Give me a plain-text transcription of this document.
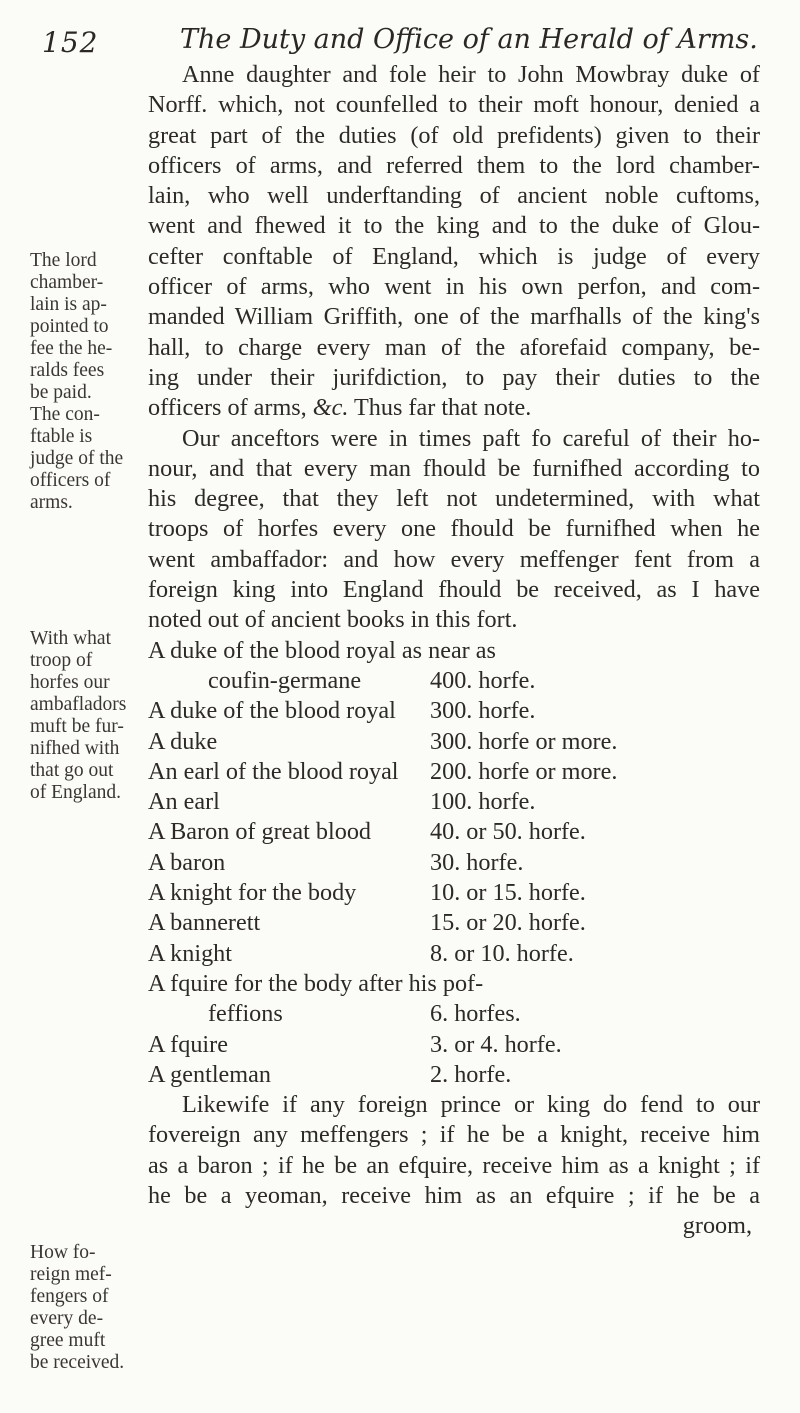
152	The Duty and Office of an Herald of Arms.
The lord
chamber-
lain is ap-
pointed to
fee the he-
ralds fees
be paid.
The con-
ftable is
judge of the
officers of
arms.
With what
troop of
horfes our
ambafladors
muft be fur-
nifhed with
that go out
of England.
How fo-
reign mef-
fengers of
every de-
gree muft
be received.
Anne daughter and fole heir to John Mowbray duke of
Norff. which, not counfelled to their moft honour, denied a
great part of the duties (of old prefidents) given to their
officers of arms, and referred them to the lord chamber-
lain, who well underftanding of ancient noble cuftoms,
went and fhewed it to the king and to the duke of Glou-
cefter conftable of England, which is judge of every
officer of arms, who went in his own perfon, and com-
manded William Griffith, one of the marfhalls of the king's
hall, to charge every man of the aforefaid company, be-
ing under their jurifdiction, to pay their duties to the
officers of arms, &c. Thus far that note.
Our anceftors were in times paft fo careful of their ho-
nour, and that every man fhould be furnifhed according to
his degree, that they left not undetermined, with what
troops of horfes every one fhould be furnifhed when he
went ambaffador: and how every meffenger fent from a
foreign king into England fhould be received, as I have
noted out of ancient books in this fort.
A duke of the blood royal as near as
coufin-germane	400. horfe.
A duke of the blood royal 300. horfe.
A duke	300. horfe or more.
An earl of the blood royal 200. horfe or more.
An earl	100. horfe.
A Baron of great blood	40. or 50. horfe.
A baron	30. horfe.
A knight for the body	10. or 15. horfe.
A bannerett	15. or 20. horfe.
A knight	8. or 10. horfe.
A fquire for the body after his pof-
feffions	6. horfes.
A fquire	3. or 4. horfe.
A gentleman	2. horfe.
Likewife if any foreign prince or king do fend to our
fovereign any meffengers ; if he be a knight, receive him
as a baron ; if he be an efquire, receive him as a knight ; if
he be a yeoman, receive him as an efquire ; if he be a
groom,
